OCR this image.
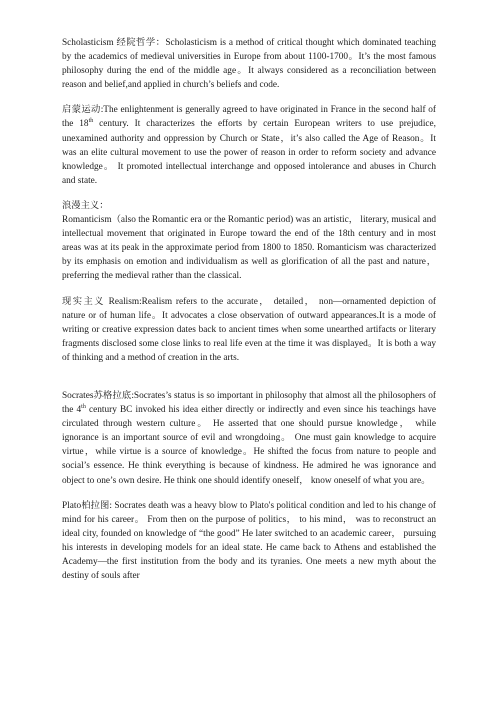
Scholasticism 经院哲学：Scholasticism is a method of critical thought which dominated teaching by the academics of medieval universities in Europe from about 1100-1700。It’s the most famous philosophy during the end of the middle age。It always considered as a reconciliation between reason and belief,and applied in church’s beliefs and code.

启蒙运动:The enlightenment is generally agreed to have originated in France in the second half of the 18th century. It characterizes the efforts by certain European writers to use prejudice, unexamined authority and oppression by Church or State，it’s also called the Age of Reason。It was an elite cultural movement to use the power of reason in order to reform society and advance knowledge。 It promoted intellectual interchange and opposed intolerance and abuses in Church and state.

浪漫主义：
Romanticism（also the Romantic era or the Romantic period) was an artistic， literary, musical and intellectual movement that originated in Europe toward the end of the 18th century and in most areas was at its peak in the approximate period from 1800 to 1850. Romanticism was characterized by its emphasis on emotion and individualism as well as glorification of all the past and nature， preferring the medieval rather than the classical.

现实主义 Realism:Realism refers to the accurate， detailed， non—ornamented depiction of nature or of human life。It advocates a close observation of outward appearances.It is a mode of writing or creative expression dates back to ancient times when some unearthed artifacts or literary fragments disclosed some close links to real life even at the time it was displayed。It is both a way of thinking and a method of creation in the arts.

Socrates苏格拉底:Socrates’s status is so important in philosophy that almost all the philosophers of the 4th century BC invoked his idea either directly or indirectly and even since his teachings have circulated through western culture。 He asserted that one should pursue knowledge， while ignorance is an important source of evil and wrongdoing。 One must gain knowledge to acquire virtue，while virtue is a source of knowledge。He shifted the focus from nature to people and social’s essence. He think everything is because of kindness. He admired he was ignorance and object to one’s own desire. He think one should identify oneself， know oneself of what you are。

Plato柏拉图: Socrates death was a heavy blow to Plato's political condition and led to his change of mind for his career。 From then on the purpose of politics， to his mind， was to reconstruct an ideal city, founded on knowledge of “the good” He later switched to an academic career， pursuing his interests in developing models for an ideal state. He came back to Athens and established the Academy—the first institution from the body and its tyranies. One meets a new myth about the destiny of souls after
